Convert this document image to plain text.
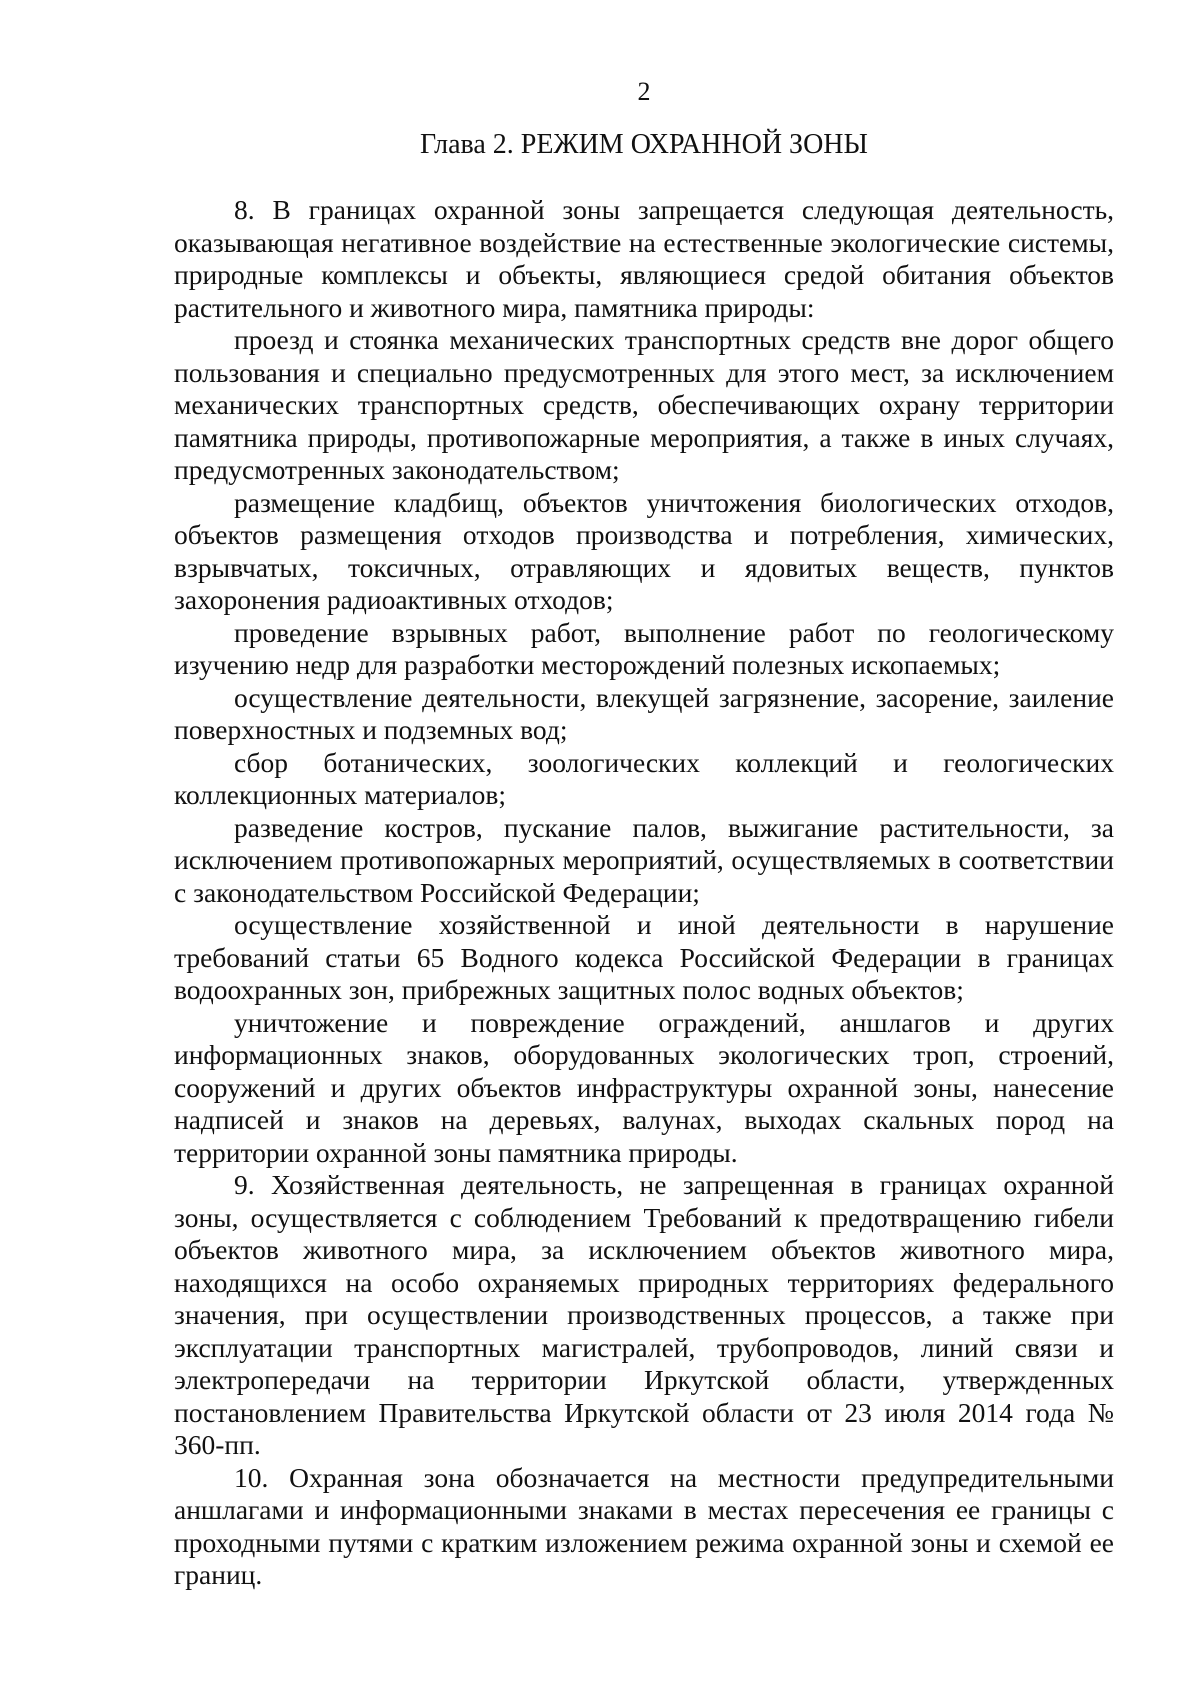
2
Глава 2. РЕЖИМ ОХРАННОЙ ЗОНЫ

8. В границах охранной зоны запрещается следующая деятельность, оказывающая негативное воздействие на естественные экологические системы, природные комплексы и объекты, являющиеся средой обитания объектов растительного и животного мира, памятника природы:

проезд и стоянка механических транспортных средств вне дорог общего пользования и специально предусмотренных для этого мест, за исключением механических транспортных средств, обеспечивающих охрану территории памятника природы, противопожарные мероприятия, а также в иных случаях, предусмотренных законодательством;

размещение кладбищ, объектов уничтожения биологических отходов, объектов размещения отходов производства и потребления, химических, взрывчатых, токсичных, отравляющих и ядовитых веществ, пунктов захоронения радиоактивных отходов;

проведение взрывных работ, выполнение работ по геологическому изучению недр для разработки месторождений полезных ископаемых;

осуществление деятельности, влекущей загрязнение, засорение, заиление поверхностных и подземных вод;

сбор ботанических, зоологических коллекций и геологических коллекционных материалов;

разведение костров, пускание палов, выжигание растительности, за исключением противопожарных мероприятий, осуществляемых в соответствии с законодательством Российской Федерации;

осуществление хозяйственной и иной деятельности в нарушение требований статьи 65 Водного кодекса Российской Федерации в границах водоохранных зон, прибрежных защитных полос водных объектов;

уничтожение и повреждение ограждений, аншлагов и других информационных знаков, оборудованных экологических троп, строений, сооружений и других объектов инфраструктуры охранной зоны, нанесение надписей и знаков на деревьях, валунах, выходах скальных пород на территории охранной зоны памятника природы.

9. Хозяйственная деятельность, не запрещенная в границах охранной зоны, осуществляется с соблюдением Требований к предотвращению гибели объектов животного мира, за исключением объектов животного мира, находящихся на особо охраняемых природных территориях федерального значения, при осуществлении производственных процессов, а также при эксплуатации транспортных магистралей, трубопроводов, линий связи и электропередачи на территории Иркутской области, утвержденных постановлением Правительства Иркутской области от 23 июля 2014 года № 360-пп.

10. Охранная зона обозначается на местности предупредительными аншлагами и информационными знаками в местах пересечения ее границы с проходными путями с кратким изложением режима охранной зоны и схемой ее границ.
